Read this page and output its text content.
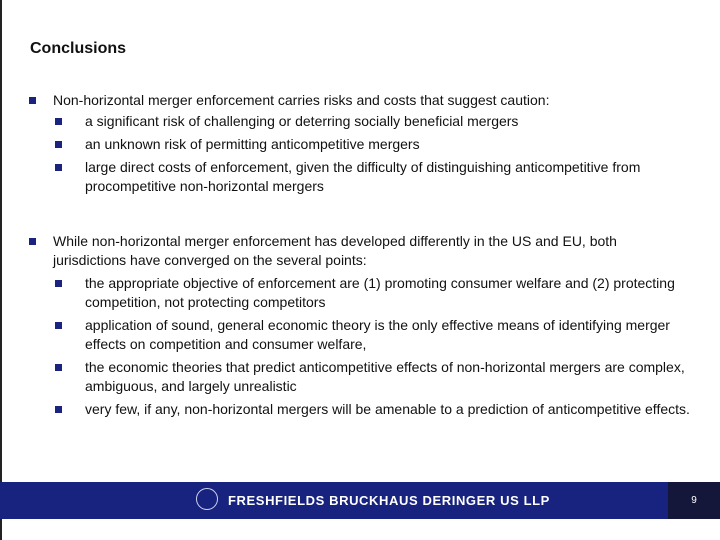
Conclusions
Non-horizontal merger enforcement carries risks and costs that suggest caution:
a significant risk of challenging or deterring socially beneficial mergers
an unknown risk of permitting anticompetitive mergers
large direct costs of enforcement, given the difficulty of distinguishing anticompetitive from procompetitive non-horizontal mergers
While non-horizontal merger enforcement has developed differently in the US and EU, both jurisdictions have converged on the several points:
the appropriate objective of enforcement are (1) promoting consumer welfare and (2) protecting competition, not protecting competitors
application of sound, general economic theory is the only effective means of identifying merger effects on competition and consumer welfare,
the economic theories that predict anticompetitive effects of non-horizontal mergers are complex, ambiguous, and largely unrealistic
very few, if any, non-horizontal mergers will be amenable to a prediction of anticompetitive effects.
FRESHFIELDS BRUCKHAUS DERINGER US LLP	9
